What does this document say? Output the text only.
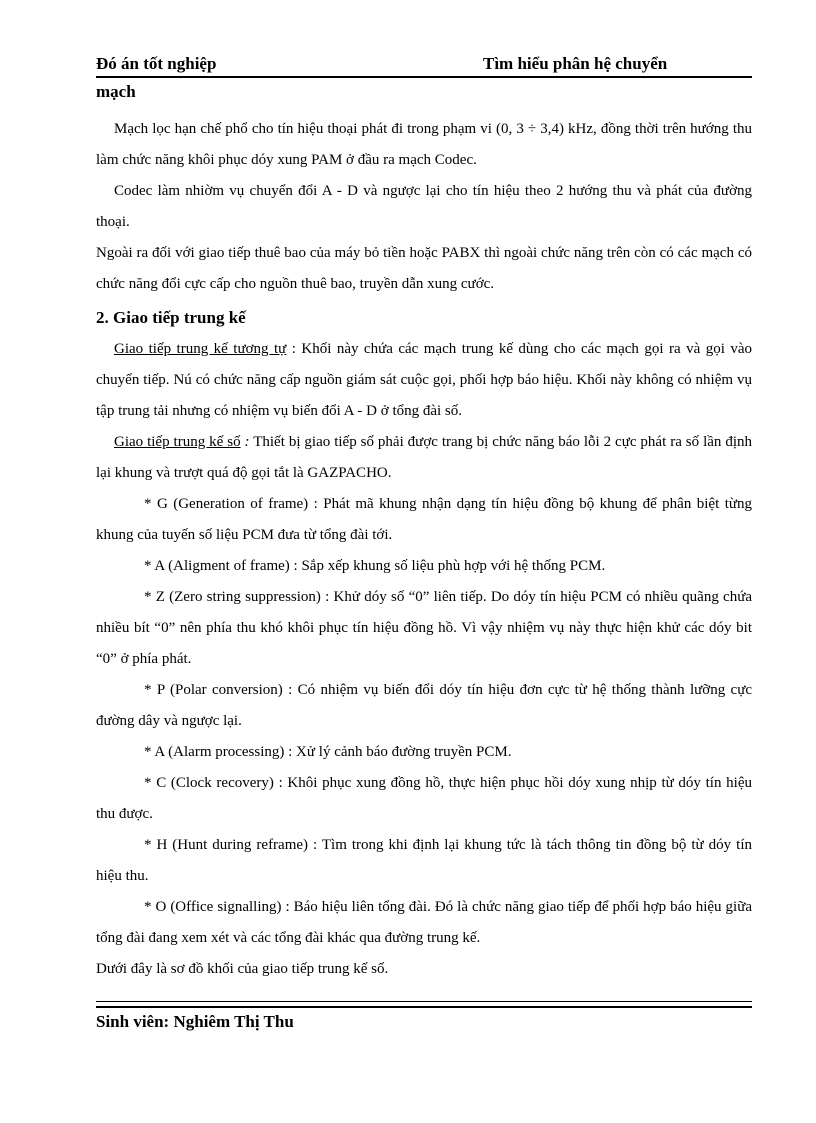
Đó án tốt nghiệp	Tìm hiểu phân hệ chuyển
mạch

Mạch lọc hạn chế phổ cho tín hiệu thoại phát đi trong phạm vi (0, 3 ÷ 3,4) kHz, đồng thời trên hướng thu làm chức năng khôi phục dóy xung PAM ở đầu ra mạch Codec.

Codec làm nhiờm vụ chuyển đổi A - D và ngược lại cho tín hiệu theo 2 hướng thu và phát của đường thoại.

Ngoài ra đối với giao tiếp thuê bao của máy bỏ tiền hoặc PABX thì ngoài chức năng trên còn có các mạch có chức năng đổi cực cấp cho nguồn thuê bao, truyền dẫn xung cước.

2. Giao tiếp trung kế

Giao tiếp trung kế tương tự : Khối này chứa các mạch trung kế dùng cho các mạch gọi ra và gọi vào chuyển tiếp. Nú có chức năng cấp nguồn giám sát cuộc gọi, phối hợp báo hiệu. Khối này không có nhiệm vụ tập trung tải nhưng có nhiệm vụ biến đổi A - D ở tổng đài số.

Giao tiếp trung kế số : Thiết bị giao tiếp số phải được trang bị chức năng báo lỗi 2 cực phát ra số lần định lại khung và trượt quá độ gọi tắt là GAZPACHO.

* G (Generation of frame) : Phát mã khung nhận dạng tín hiệu đồng bộ khung để phân biệt từng khung của tuyến số liệu PCM đưa từ tổng đài tới.

* A (Aligment of frame) : Sắp xếp khung số liệu phù hợp với hệ thống PCM.

* Z (Zero string suppression) : Khử dóy số “0” liên tiếp. Do dóy tín hiệu PCM có nhiều quãng chứa nhiều bít “0” nên phía thu khó khôi phục tín hiệu đồng hồ. Vì vậy nhiệm vụ này thực hiện khử các dóy bit “0” ở phía phát.

* P (Polar conversion) : Có nhiệm vụ biến đổi dóy tín hiệu đơn cực từ hệ thống thành lưỡng cực đường dây và ngược lại.

* A (Alarm processing) : Xử lý cảnh báo đường truyền PCM.

* C (Clock recovery) : Khôi phục xung đồng hồ, thực hiện phục hồi dóy xung nhịp từ dóy tín hiệu thu được.

* H (Hunt during reframe) : Tìm trong khi định lại khung tức là tách thông tin đồng bộ từ dóy tín hiệu thu.

* O (Office signalling) : Báo hiệu liên tổng đài. Đó là chức năng giao tiếp để phối hợp báo hiệu giữa tổng đài đang xem xét và các tổng đài khác qua đường trung kế.

Dưới đây là sơ đồ khối của giao tiếp trung kế số.

Sinh viên: Nghiêm Thị Thu
